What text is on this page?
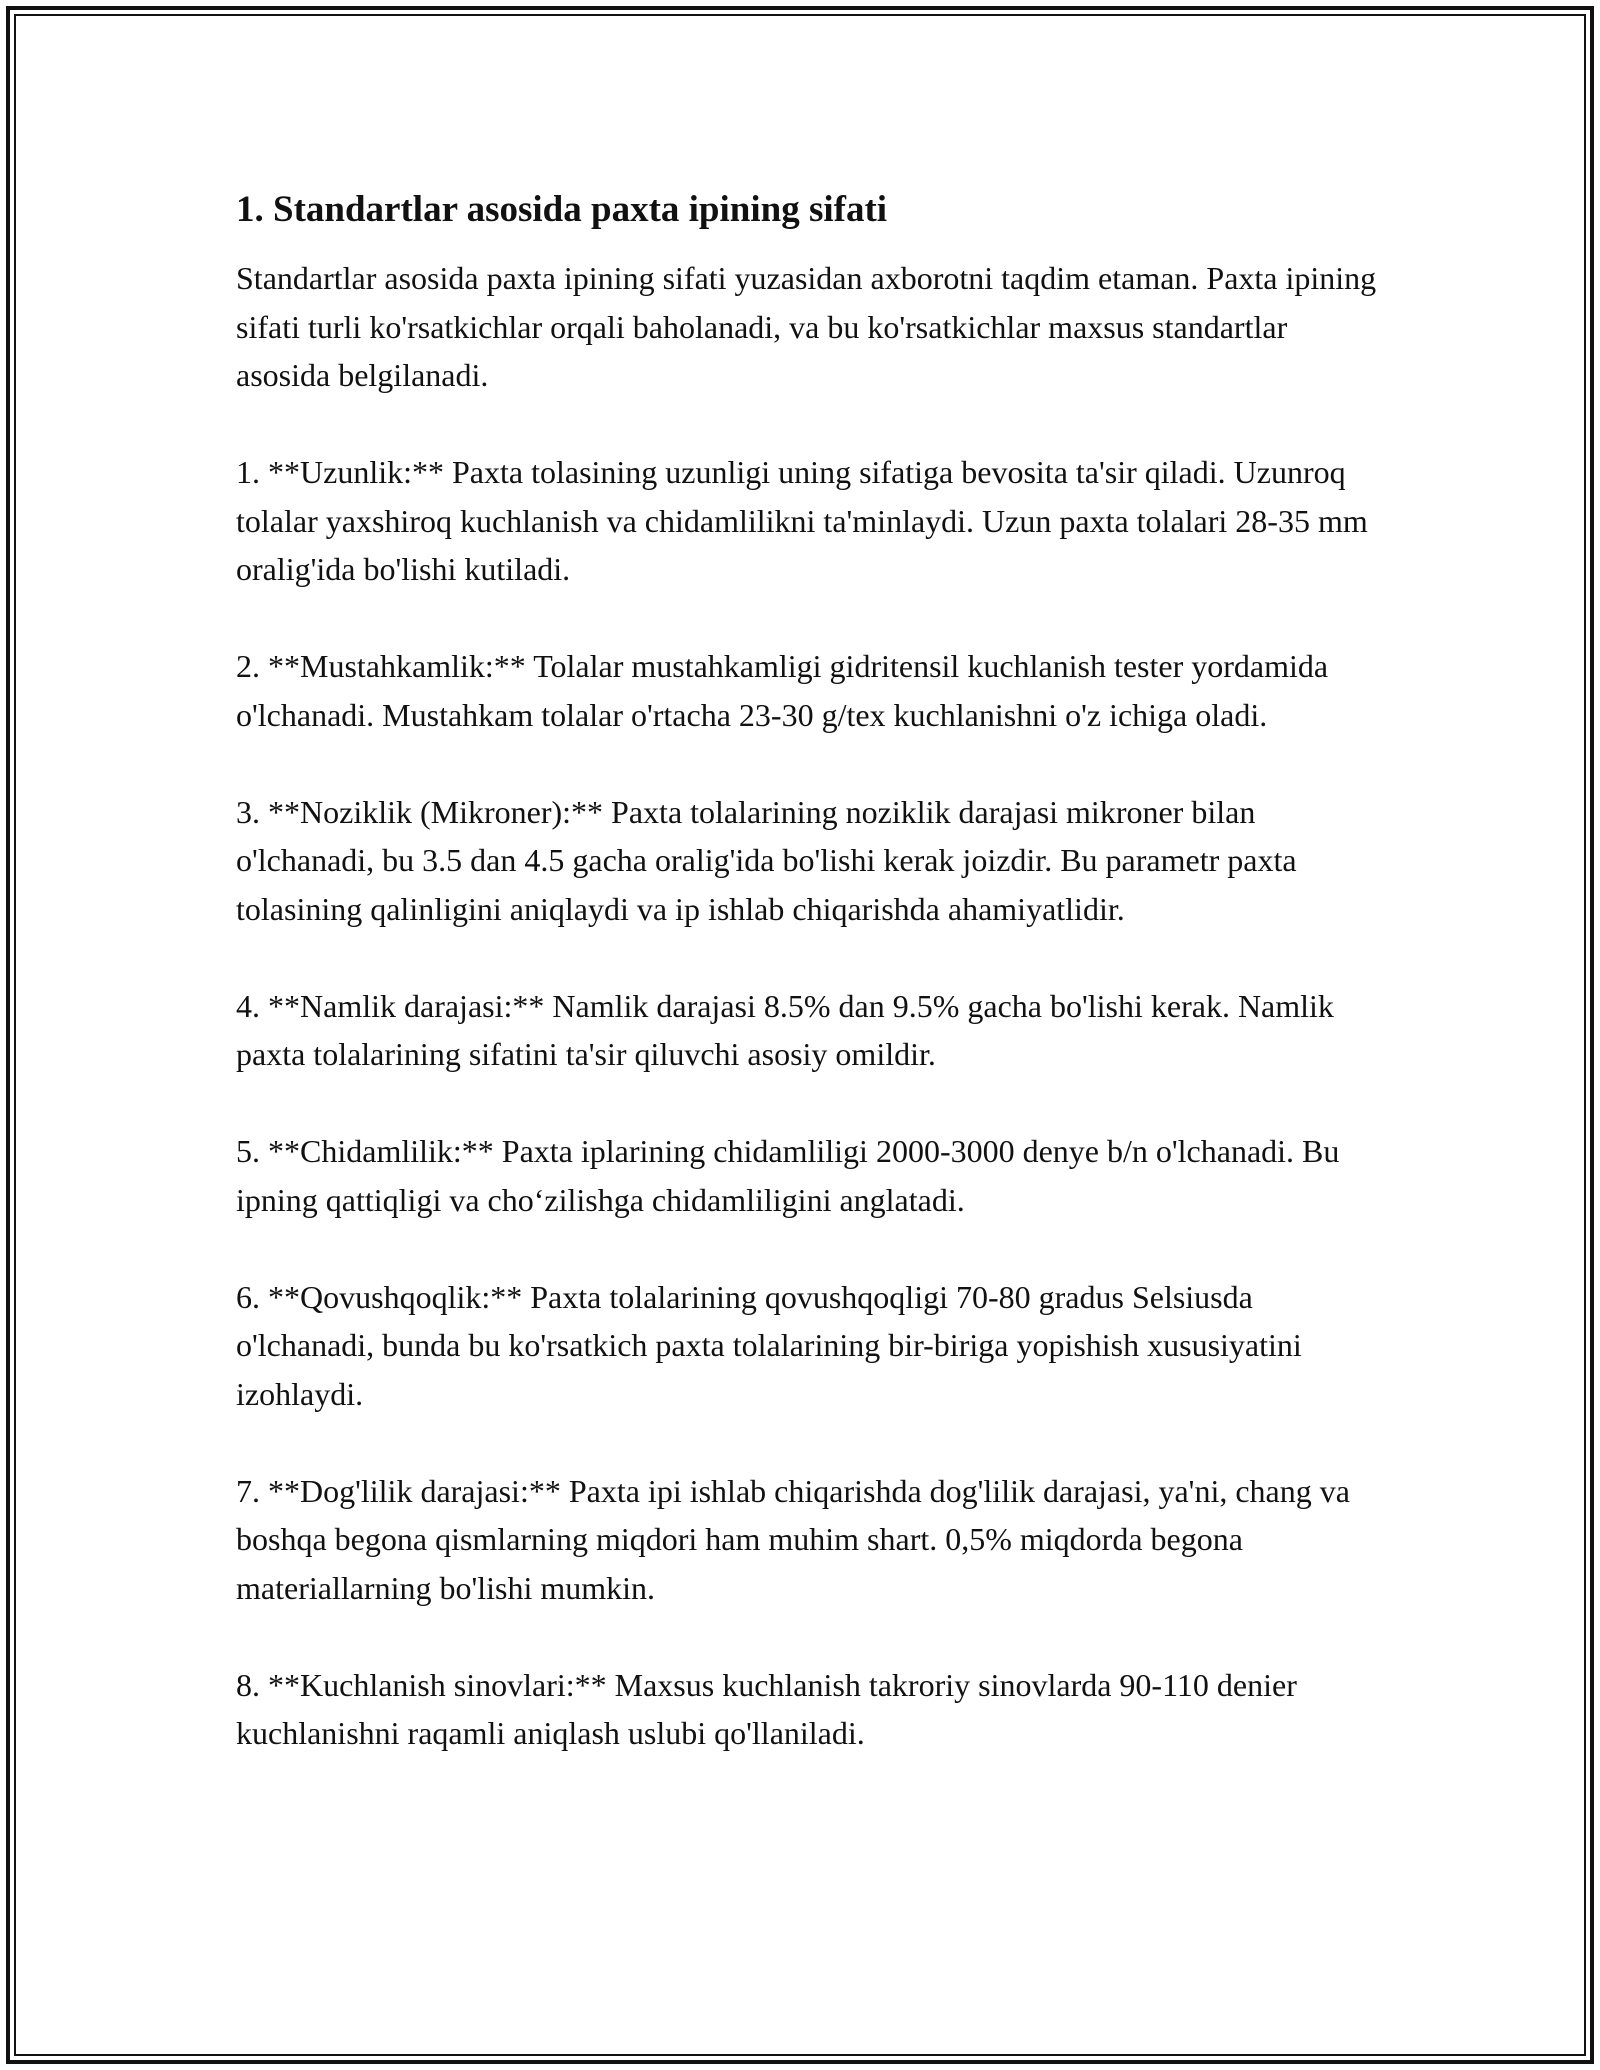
1. Standartlar asosida paxta ipining sifati

Standartlar asosida paxta ipining sifati yuzasidan axborotni taqdim etaman. Paxta ipining sifati turli ko'rsatkichlar orqali baholanadi, va bu ko'rsatkichlar maxsus standartlar asosida belgilanadi.

1. **Uzunlik:** Paxta tolasining uzunligi uning sifatiga bevosita ta'sir qiladi. Uzunroq tolalar yaxshiroq kuchlanish va chidamlilikni ta'minlaydi. Uzun paxta tolalari 28-35 mm oralig'ida bo'lishi kutiladi.

2. **Mustahkamlik:** Tolalar mustahkamligi gidritensil kuchlanish tester yordamida o'lchanadi. Mustahkam tolalar o'rtacha 23-30 g/tex kuchlanishni o'z ichiga oladi.

3. **Noziklik (Mikroner):** Paxta tolalarining noziklik darajasi mikroner bilan o'lchanadi, bu 3.5 dan 4.5 gacha oralig'ida bo'lishi kerak joizdir. Bu parametr paxta tolasining qalinligini aniqlaydi va ip ishlab chiqarishda ahamiyatlidir.

4. **Namlik darajasi:** Namlik darajasi 8.5% dan 9.5% gacha bo'lishi kerak. Namlik paxta tolalarining sifatini ta'sir qiluvchi asosiy omildir.

5. **Chidamlilik:** Paxta iplarining chidamliligi 2000-3000 denye b/n o'lchanadi. Bu ipning qattiqligi va cho‘zilishga chidamliligini anglatadi.

6. **Qovushqoqlik:** Paxta tolalarining qovushqoqligi 70-80 gradus Selsiusda o'lchanadi, bunda bu ko'rsatkich paxta tolalarining bir-biriga yopishish xususiyatini izohlaydi.

7. **Dog'lilik darajasi:** Paxta ipi ishlab chiqarishda dog'lilik darajasi, ya'ni, chang va boshqa begona qismlarning miqdori ham muhim shart. 0,5% miqdorda begona materiallarning bo'lishi mumkin.

8. **Kuchlanish sinovlari:** Maxsus kuchlanish takroriy sinovlarda 90-110 denier kuchlanishni raqamli aniqlash uslubi qo'llaniladi.
